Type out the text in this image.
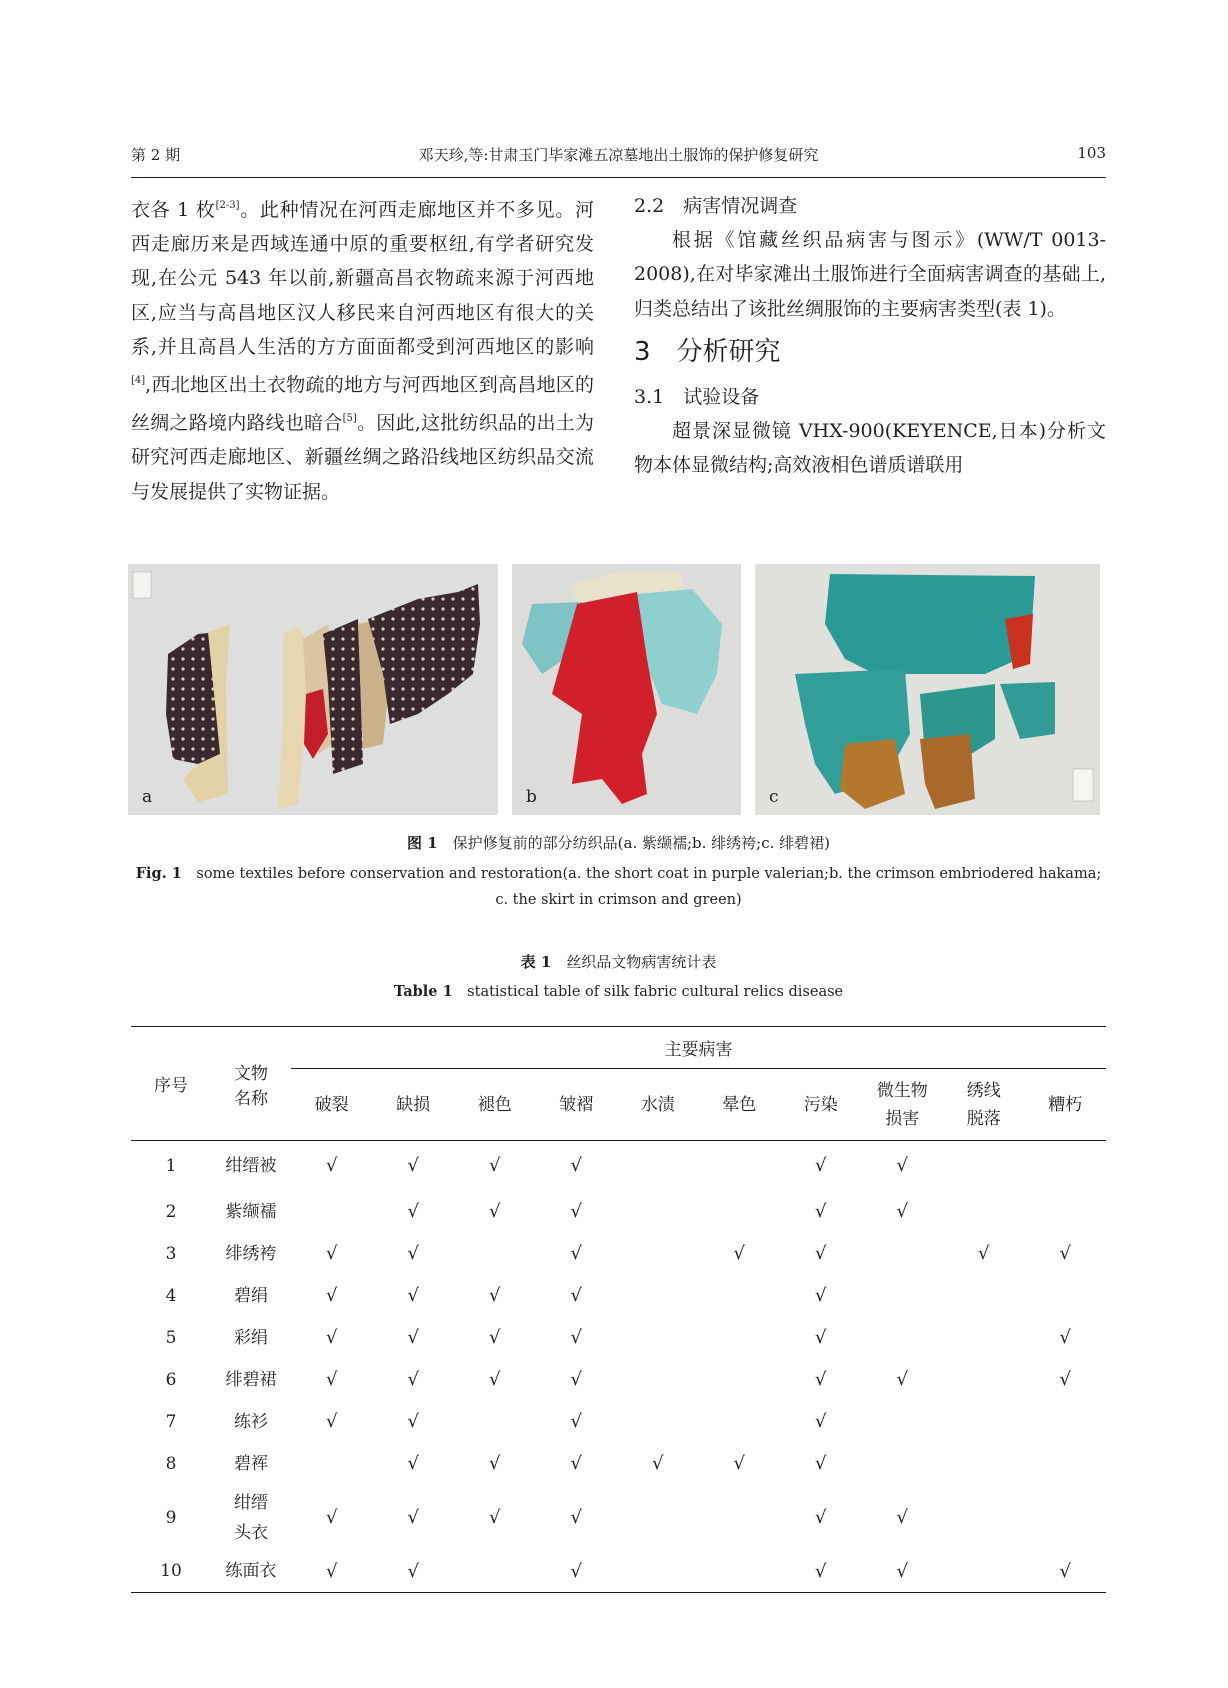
第 2 期	邓天珍,等:甘肃玉门毕家滩五凉墓地出土服饰的保护修复研究	103

衣各 1 枚[2-3]。此种情况在河西走廊地区并不多见。河西走廊历来是西域连通中原的重要枢纽,有学者研究发现,在公元 543 年以前,新疆高昌衣物疏来源于河西地区,应当与高昌地区汉人移民来自河西地区有很大的关系,并且高昌人生活的方方面面都受到河西地区的影响[4],西北地区出土衣物疏的地方与河西地区到高昌地区的丝绸之路境内路线也暗合[5]。因此,这批纺织品的出土为研究河西走廊地区、新疆丝绸之路沿线地区纺织品交流与发展提供了实物证据。

2.2　病害情况调查

根据《馆藏丝织品病害与图示》(WW/T 0013-2008),在对毕家滩出土服饰进行全面病害调查的基础上,归类总结出了该批丝绸服饰的主要病害类型(表 1)。

3　分析研究

3.1　试验设备

超景深显微镜 VHX-900(KEYENCE,日本)分析文物本体显微结构;高效液相色谱质谱联用

a	b	c
图 1　 保护修复前的部分纺织品(a. 紫缬襦;b. 绯绣袴;c. 绯碧裙)
Fig. 1　 some textiles before conservation and restoration(a. the short coat in purple valerian;b. the crimson embriodered hakama;
c. the skirt in crimson and green)
表 1　 丝织品文物病害统计表
Table 1　 statistical table of silk fabric cultural relics disease
序号	文物
名称	主要病害									
		破裂	缺损	褪色	皱褶	水渍	晕色	污染	微生物
损害	绣线
脱落	糟朽
1	绀缙被	√	√	√	√			√	√		
2	紫缬襦		√	√	√			√	√		
3	绯绣袴	√	√		√		√	√		√	√
4	碧绢	√	√	√	√			√			
5	彩绢	√	√	√	√			√			√
6	绯碧裙	√	√	√	√			√	√		√
7	练衫	√	√		√			√			
8	碧裈		√	√	√	√	√	√			
9	绀缙
头衣	√	√	√	√			√	√		
10	练面衣	√	√		√			√	√		√
